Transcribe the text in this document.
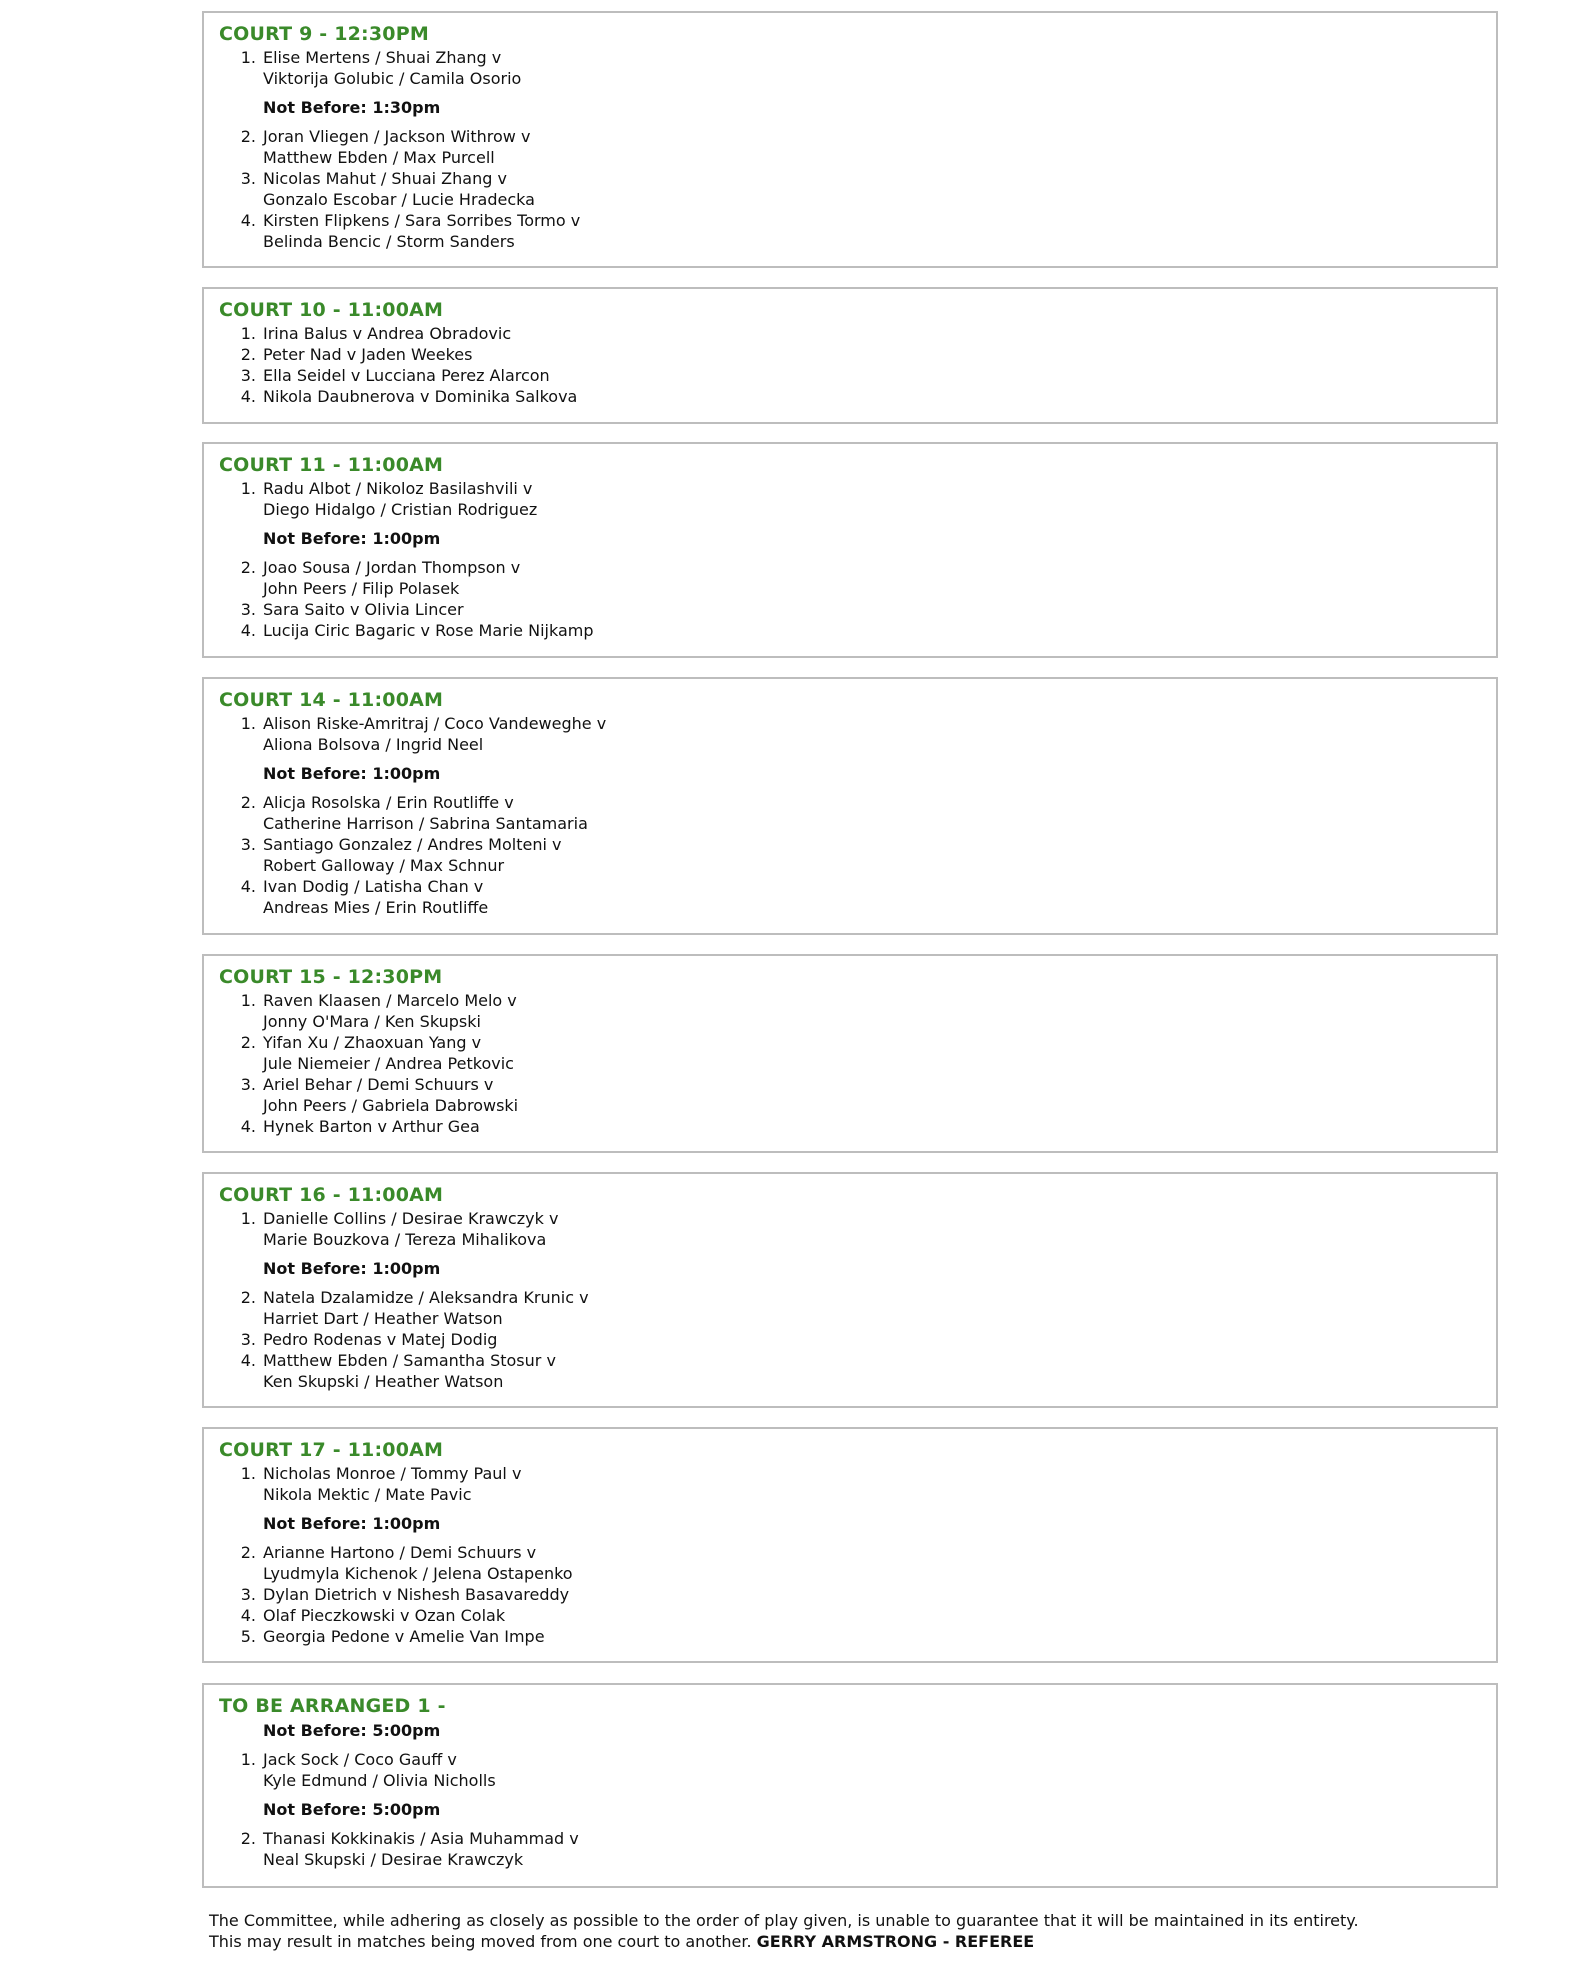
COURT 9 - 12:30PM
1. Elise Mertens / Shuai Zhang v
Viktorija Golubic / Camila Osorio
Not Before: 1:30pm
2. Joran Vliegen / Jackson Withrow v
Matthew Ebden / Max Purcell
3. Nicolas Mahut / Shuai Zhang v
Gonzalo Escobar / Lucie Hradecka
4. Kirsten Flipkens / Sara Sorribes Tormo v
Belinda Bencic / Storm Sanders
COURT 10 - 11:00AM
1. Irina Balus v Andrea Obradovic
2. Peter Nad v Jaden Weekes
3. Ella Seidel v Lucciana Perez Alarcon
4. Nikola Daubnerova v Dominika Salkova
COURT 11 - 11:00AM
1. Radu Albot / Nikoloz Basilashvili v
Diego Hidalgo / Cristian Rodriguez
Not Before: 1:00pm
2. Joao Sousa / Jordan Thompson v
John Peers / Filip Polasek
3. Sara Saito v Olivia Lincer
4. Lucija Ciric Bagaric v Rose Marie Nijkamp
COURT 14 - 11:00AM
1. Alison Riske-Amritraj / Coco Vandeweghe v
Aliona Bolsova / Ingrid Neel
Not Before: 1:00pm
2. Alicja Rosolska / Erin Routliffe v
Catherine Harrison / Sabrina Santamaria
3. Santiago Gonzalez / Andres Molteni v
Robert Galloway / Max Schnur
4. Ivan Dodig / Latisha Chan v
Andreas Mies / Erin Routliffe
COURT 15 - 12:30PM
1. Raven Klaasen / Marcelo Melo v
Jonny O'Mara / Ken Skupski
2. Yifan Xu / Zhaoxuan Yang v
Jule Niemeier / Andrea Petkovic
3. Ariel Behar / Demi Schuurs v
John Peers / Gabriela Dabrowski
4. Hynek Barton v Arthur Gea
COURT 16 - 11:00AM
1. Danielle Collins / Desirae Krawczyk v
Marie Bouzkova / Tereza Mihalikova
Not Before: 1:00pm
2. Natela Dzalamidze / Aleksandra Krunic v
Harriet Dart / Heather Watson
3. Pedro Rodenas v Matej Dodig
4. Matthew Ebden / Samantha Stosur v
Ken Skupski / Heather Watson
COURT 17 - 11:00AM
1. Nicholas Monroe / Tommy Paul v
Nikola Mektic / Mate Pavic
Not Before: 1:00pm
2. Arianne Hartono / Demi Schuurs v
Lyudmyla Kichenok / Jelena Ostapenko
3. Dylan Dietrich v Nishesh Basavareddy
4. Olaf Pieczkowski v Ozan Colak
5. Georgia Pedone v Amelie Van Impe
TO BE ARRANGED 1 -
Not Before: 5:00pm
1. Jack Sock / Coco Gauff v
Kyle Edmund / Olivia Nicholls
Not Before: 5:00pm
2. Thanasi Kokkinakis / Asia Muhammad v
Neal Skupski / Desirae Krawczyk
The Committee, while adhering as closely as possible to the order of play given, is unable to guarantee that it will be maintained in its entirety.
This may result in matches being moved from one court to another. GERRY ARMSTRONG - REFEREE
